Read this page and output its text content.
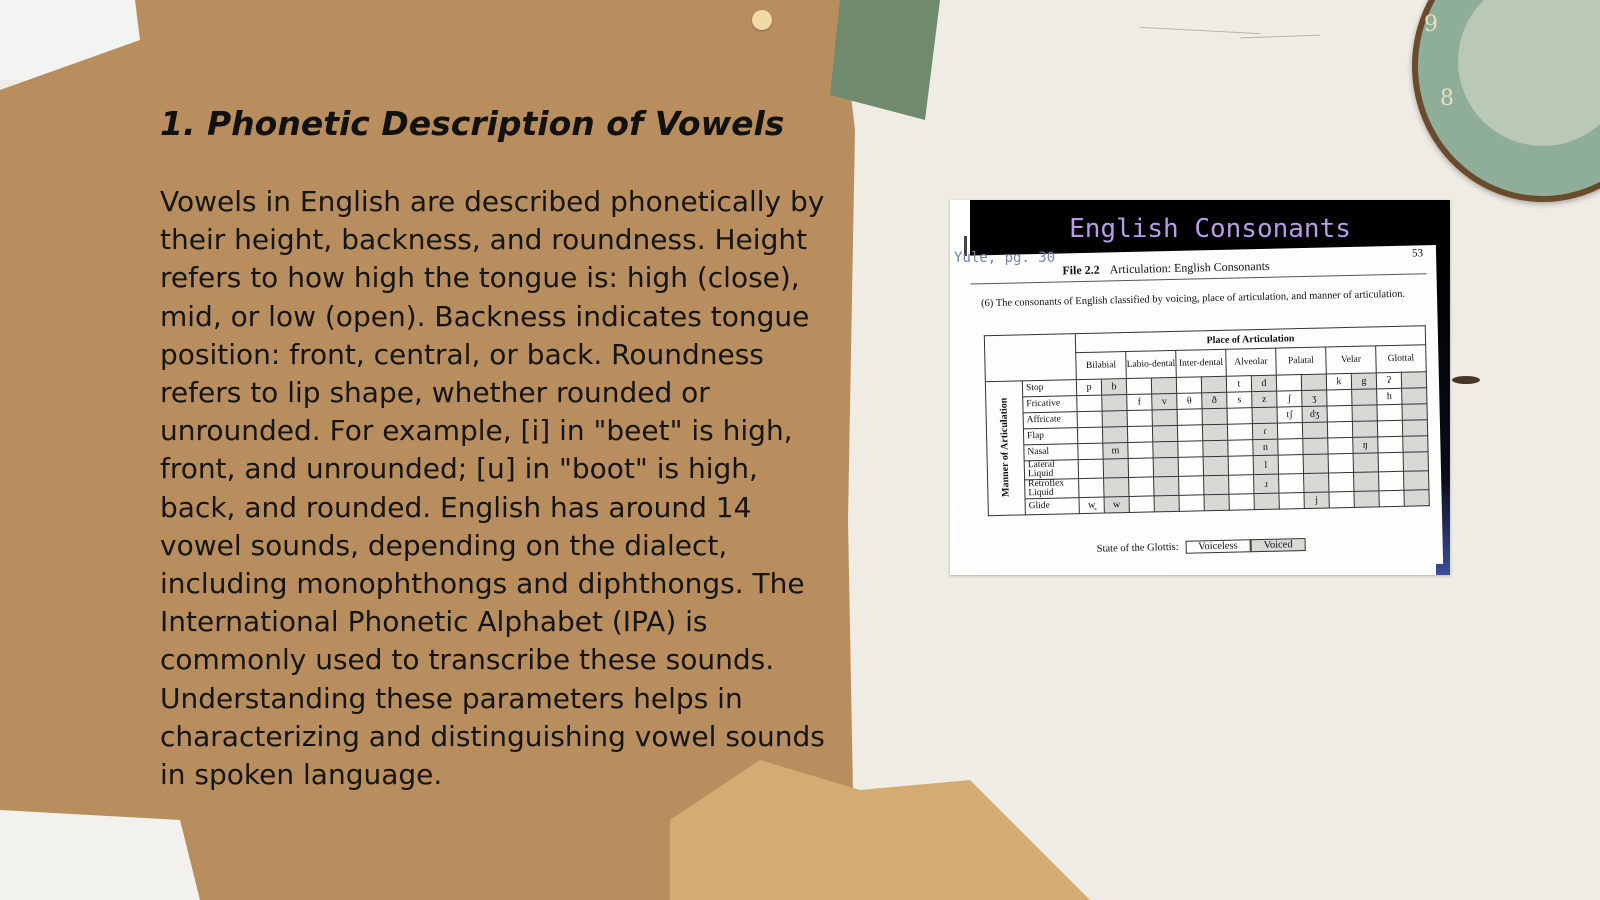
9
8
1. Phonetic Description of Vowels
Vowels in English are described phonetically by their height, backness, and roundness. Height refers to how high the tongue is: high (close), mid, or low (open). Backness indicates tongue position: front, central, or back. Roundness refers to lip shape, whether rounded or unrounded. For example, [i] in "beet" is high, front, and unrounded; [u] in "boot" is high, back, and rounded. English has around 14 vowel sounds, depending on the dialect, including monophthongs and diphthongs. The International Phonetic Alphabet (IPA) is commonly used to transcribe these sounds. Understanding these parameters helps in characterizing and distinguishing vowel sounds in spoken language.
English Consonants
File 2.2 Articulation: English Consonants
53
(6) The consonants of English classified by voicing, place of articulation, and manner of articulation.
		Place of Articulation													
		Bilabial		Labio-dental		Inter-dental		Alveolar		Palatal		Velar		Glottal	

Manner of Articulation	Stop	p	b					t	d			k	g	ʔ	
	Fricative			f	v	θ	ð	s	z	ʃ	ʒ			h	
	Affricate									tʃ	dʒ				
	Flap								ɾ						
	Nasal		m						n				ŋ		
	Lateral Liquid								l						
	Retroflex Liquid								ɹ						
	Glide	w̥	w								j				
State of the Glottis: Voiceless Voiced
Yule, pg. 30
